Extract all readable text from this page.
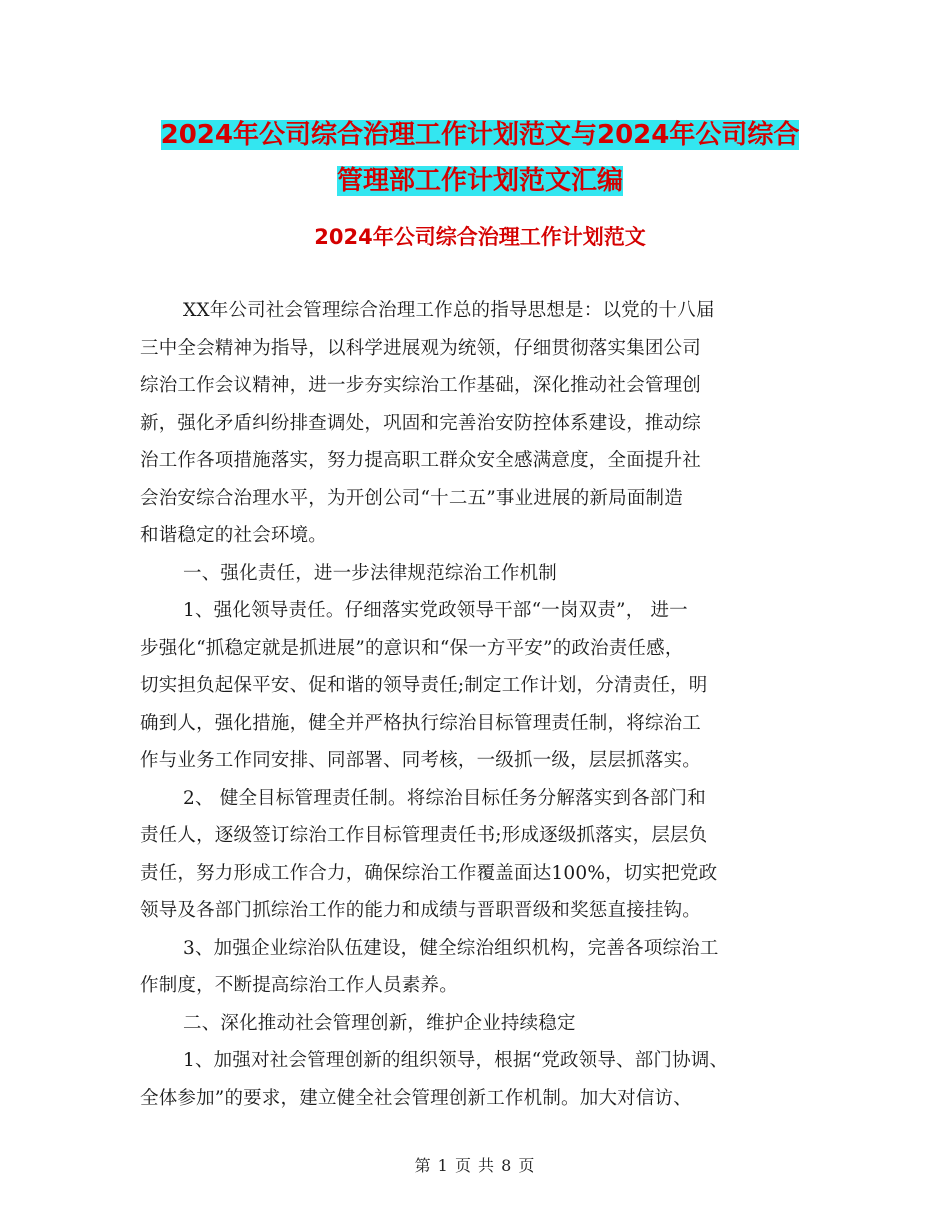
2024年公司综合治理工作计划范文与2024年公司综合
管理部工作计划范文汇编
2024年公司综合治理工作计划范文
XX年公司社会管理综合治理工作总的指导思想是：以党的十八届
三中全会精神为指导，以科学进展观为统领，仔细贯彻落实集团公司
综治工作会议精神，进一步夯实综治工作基础，深化推动社会管理创
新，强化矛盾纠纷排查调处，巩固和完善治安防控体系建设，推动综
治工作各项措施落实，努力提高职工群众安全感满意度，全面提升社
会治安综合治理水平，为开创公司“十二五”事业进展的新局面制造
和谐稳定的社会环境。
一、强化责任，进一步法律规范综治工作机制
1、强化领导责任。仔细落实党政领导干部“一岗双责”， 进一
步强化“抓稳定就是抓进展”的意识和“保一方平安”的政治责任感，
切实担负起保平安、促和谐的领导责任;制定工作计划，分清责任，明
确到人，强化措施，健全并严格执行综治目标管理责任制，将综治工
作与业务工作同安排、同部署、同考核，一级抓一级，层层抓落实。
2、 健全目标管理责任制。将综治目标任务分解落实到各部门和
责任人，逐级签订综治工作目标管理责任书;形成逐级抓落实，层层负
责任，努力形成工作合力，确保综治工作覆盖面达100%，切实把党政
领导及各部门抓综治工作的能力和成绩与晋职晋级和奖惩直接挂钩。
3、加强企业综治队伍建设，健全综治组织机构，完善各项综治工
作制度，不断提高综治工作人员素养。
二、深化推动社会管理创新，维护企业持续稳定
1、加强对社会管理创新的组织领导，根据“党政领导、部门协调、
全体参加”的要求，建立健全社会管理创新工作机制。加大对信访、
第 1 页 共 8 页
